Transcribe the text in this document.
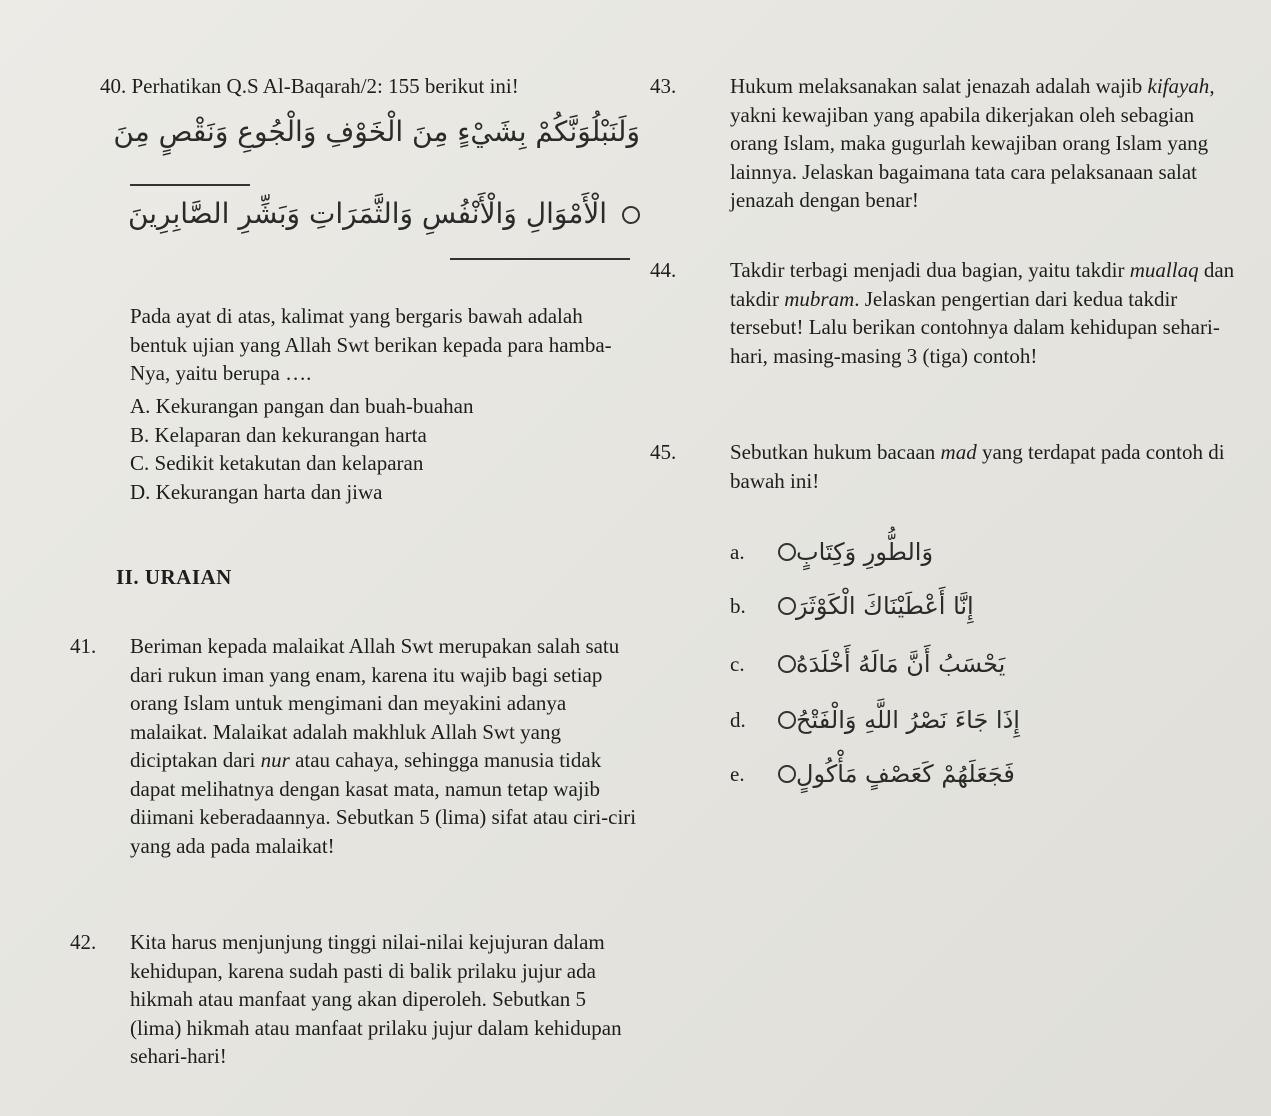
40. Perhatikan Q.S Al-Baqarah/2: 155 berikut ini!

وَلَنَبْلُوَنَّكُمْ بِشَيْءٍ مِنَ الْخَوْفِ وَالْجُوعِ وَنَقْصٍ مِنَ
الْأَمْوَالِ وَالْأَنْفُسِ وَالثَّمَرَاتِ وَبَشِّرِ الصَّابِرِينَ

Pada ayat di atas, kalimat yang bergaris bawah adalah bentuk ujian yang Allah Swt berikan kepada para hamba-Nya, yaitu berupa ….

A. Kekurangan pangan dan buah-buahan
B. Kelaparan dan kekurangan harta
C. Sedikit ketakutan dan kelaparan
D. Kekurangan harta dan jiwa
II. URAIAN

41. Beriman kepada malaikat Allah Swt merupakan salah satu dari rukun iman yang enam, karena itu wajib bagi setiap orang Islam untuk mengimani dan meyakini adanya malaikat. Malaikat adalah makhluk Allah Swt yang diciptakan dari nur atau cahaya, sehingga manusia tidak dapat melihatnya dengan kasat mata, namun tetap wajib diimani keberadaannya. Sebutkan 5 (lima) sifat atau ciri-ciri yang ada pada malaikat!

42. Kita harus menjunjung tinggi nilai-nilai kejujuran dalam kehidupan, karena sudah pasti di balik prilaku jujur ada hikmah atau manfaat yang akan diperoleh. Sebutkan 5 (lima) hikmah atau manfaat prilaku jujur dalam kehidupan sehari-hari!

43.	Hukum melaksanakan salat jenazah adalah wajib kifayah, yakni kewajiban yang apabila dikerjakan oleh sebagian orang Islam, maka gugurlah kewajiban orang Islam yang lainnya. Jelaskan bagaimana tata cara pelaksanaan salat jenazah dengan benar!

44.	Takdir terbagi menjadi dua bagian, yaitu takdir muallaq dan takdir mubram. Jelaskan pengertian dari kedua takdir tersebut! Lalu berikan contohnya dalam kehidupan sehari-hari, masing-masing 3 (tiga) contoh!

45.	Sebutkan hukum bacaan mad yang terdapat pada contoh di bawah ini!

a.	وَالطُّورِ وَكِتَابٍ
b.	إِنَّا أَعْطَيْنَاكَ الْكَوْثَرَ
c.	يَحْسَبُ أَنَّ مَالَهُ أَخْلَدَهُ
d.	إِذَا جَاءَ نَصْرُ اللَّهِ وَالْفَتْحُ
e.	فَجَعَلَهُمْ كَعَصْفٍ مَأْكُولٍ
